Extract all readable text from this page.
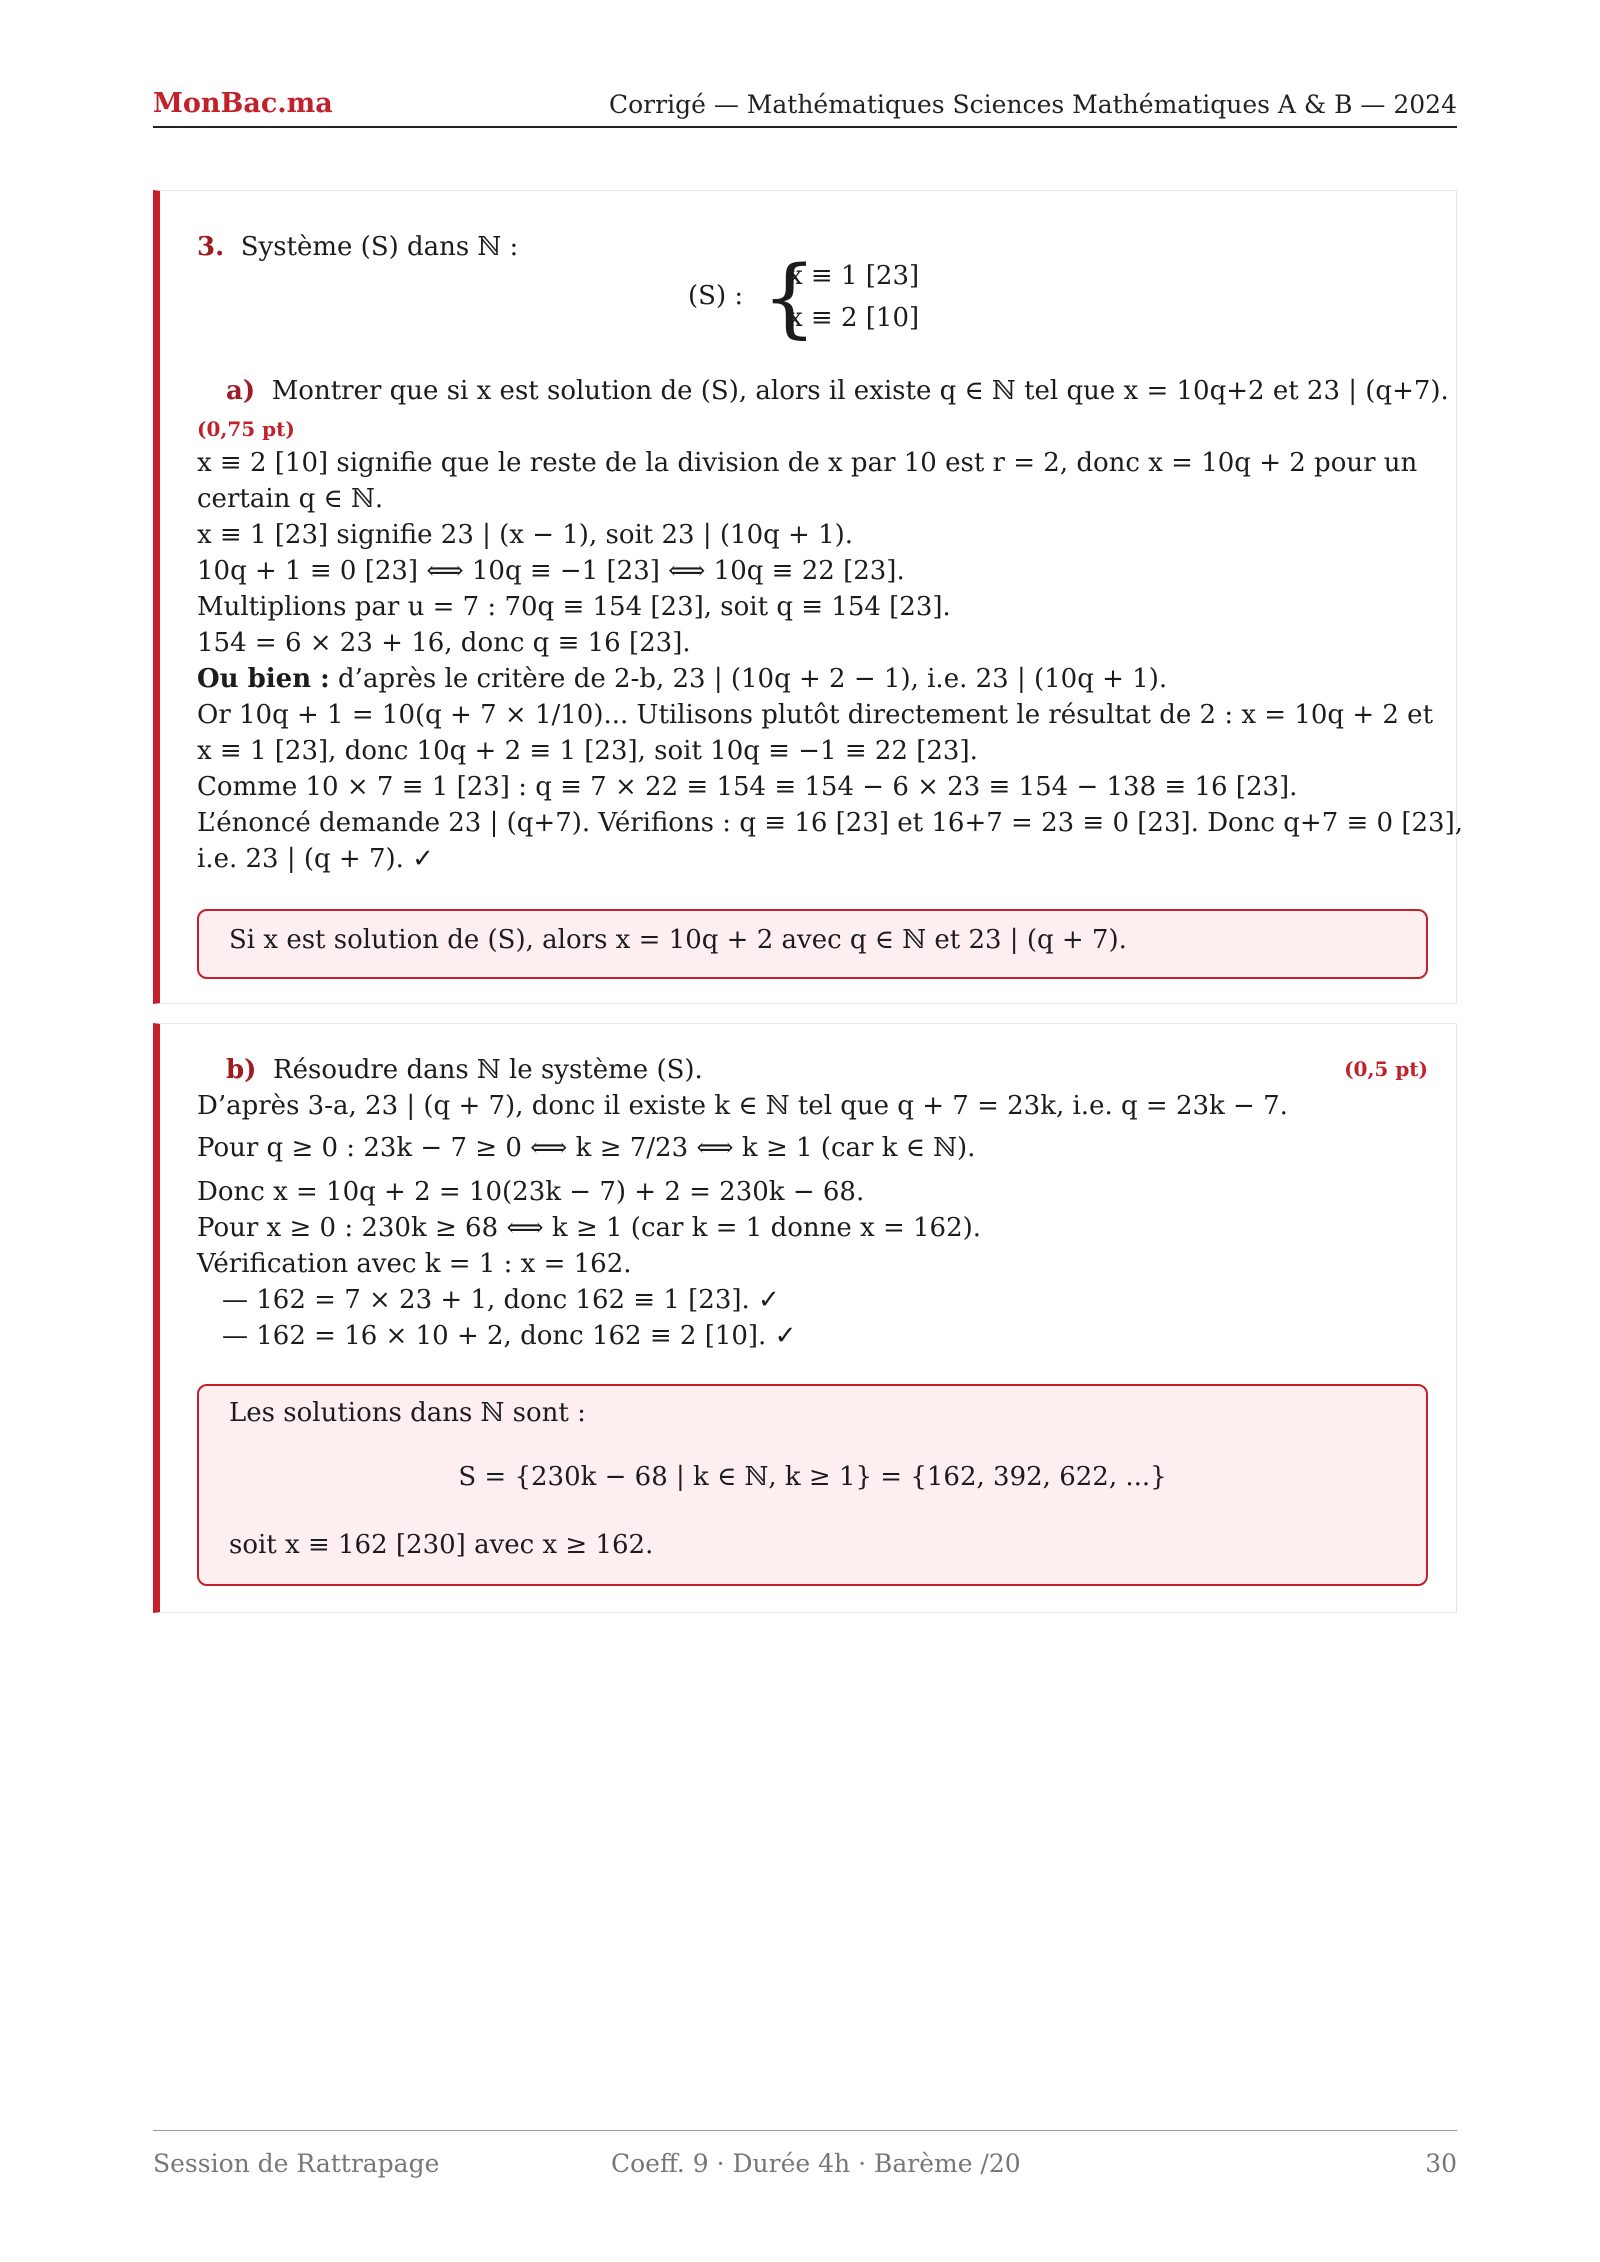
MonBac.ma	Corrigé — Mathématiques Sciences Mathématiques A & B — 2024
3. Système (S) dans ℕ :
(S) : {
x ≡ 1 [23]
x ≡ 2 [10]
a) Montrer que si x est solution de (S), alors il existe q ∈ ℕ tel que x = 10q+2 et 23 | (q+7).
(0,75 pt)
x ≡ 2 [10] signifie que le reste de la division de x par 10 est r = 2, donc x = 10q + 2 pour un
certain q ∈ ℕ.
x ≡ 1 [23] signifie 23 | (x − 1), soit 23 | (10q + 1).
10q + 1 ≡ 0 [23] ⟺ 10q ≡ −1 [23] ⟺ 10q ≡ 22 [23].
Multiplions par u = 7 : 70q ≡ 154 [23], soit q ≡ 154 [23].
154 = 6 × 23 + 16, donc q ≡ 16 [23].
Ou bien : d’après le critère de 2-b, 23 | (10q + 2 − 1), i.e. 23 | (10q + 1).
Or 10q + 1 = 10(q + 7 × 1/10)... Utilisons plutôt directement le résultat de 2 : x = 10q + 2 et
x ≡ 1 [23], donc 10q + 2 ≡ 1 [23], soit 10q ≡ −1 ≡ 22 [23].
Comme 10 × 7 ≡ 1 [23] : q ≡ 7 × 22 ≡ 154 ≡ 154 − 6 × 23 ≡ 154 − 138 ≡ 16 [23].
L’énoncé demande 23 | (q+7). Vérifions : q ≡ 16 [23] et 16+7 = 23 ≡ 0 [23]. Donc q+7 ≡ 0 [23],
i.e. 23 | (q + 7). ✓
Si x est solution de (S), alors x = 10q + 2 avec q ∈ ℕ et 23 | (q + 7).
b) Résoudre dans ℕ le système (S).	(0,5 pt)
D’après 3-a, 23 | (q + 7), donc il existe k ∈ ℕ tel que q + 7 = 23k, i.e. q = 23k − 7.
Pour q ≥ 0 : 23k − 7 ≥ 0 ⟺ k ≥ 7/23 ⟺ k ≥ 1 (car k ∈ ℕ).
Donc x = 10q + 2 = 10(23k − 7) + 2 = 230k − 68.
Pour x ≥ 0 : 230k ≥ 68 ⟺ k ≥ 1 (car k = 1 donne x = 162).
Vérification avec k = 1 : x = 162.
— 162 = 7 × 23 + 1, donc 162 ≡ 1 [23]. ✓
— 162 = 16 × 10 + 2, donc 162 ≡ 2 [10]. ✓
Les solutions dans ℕ sont :
S = {230k − 68 | k ∈ ℕ, k ≥ 1} = {162, 392, 622, ...}
soit x ≡ 162 [230] avec x ≥ 162.
Session de Rattrapage	Coeff. 9 · Durée 4h · Barème /20	30
